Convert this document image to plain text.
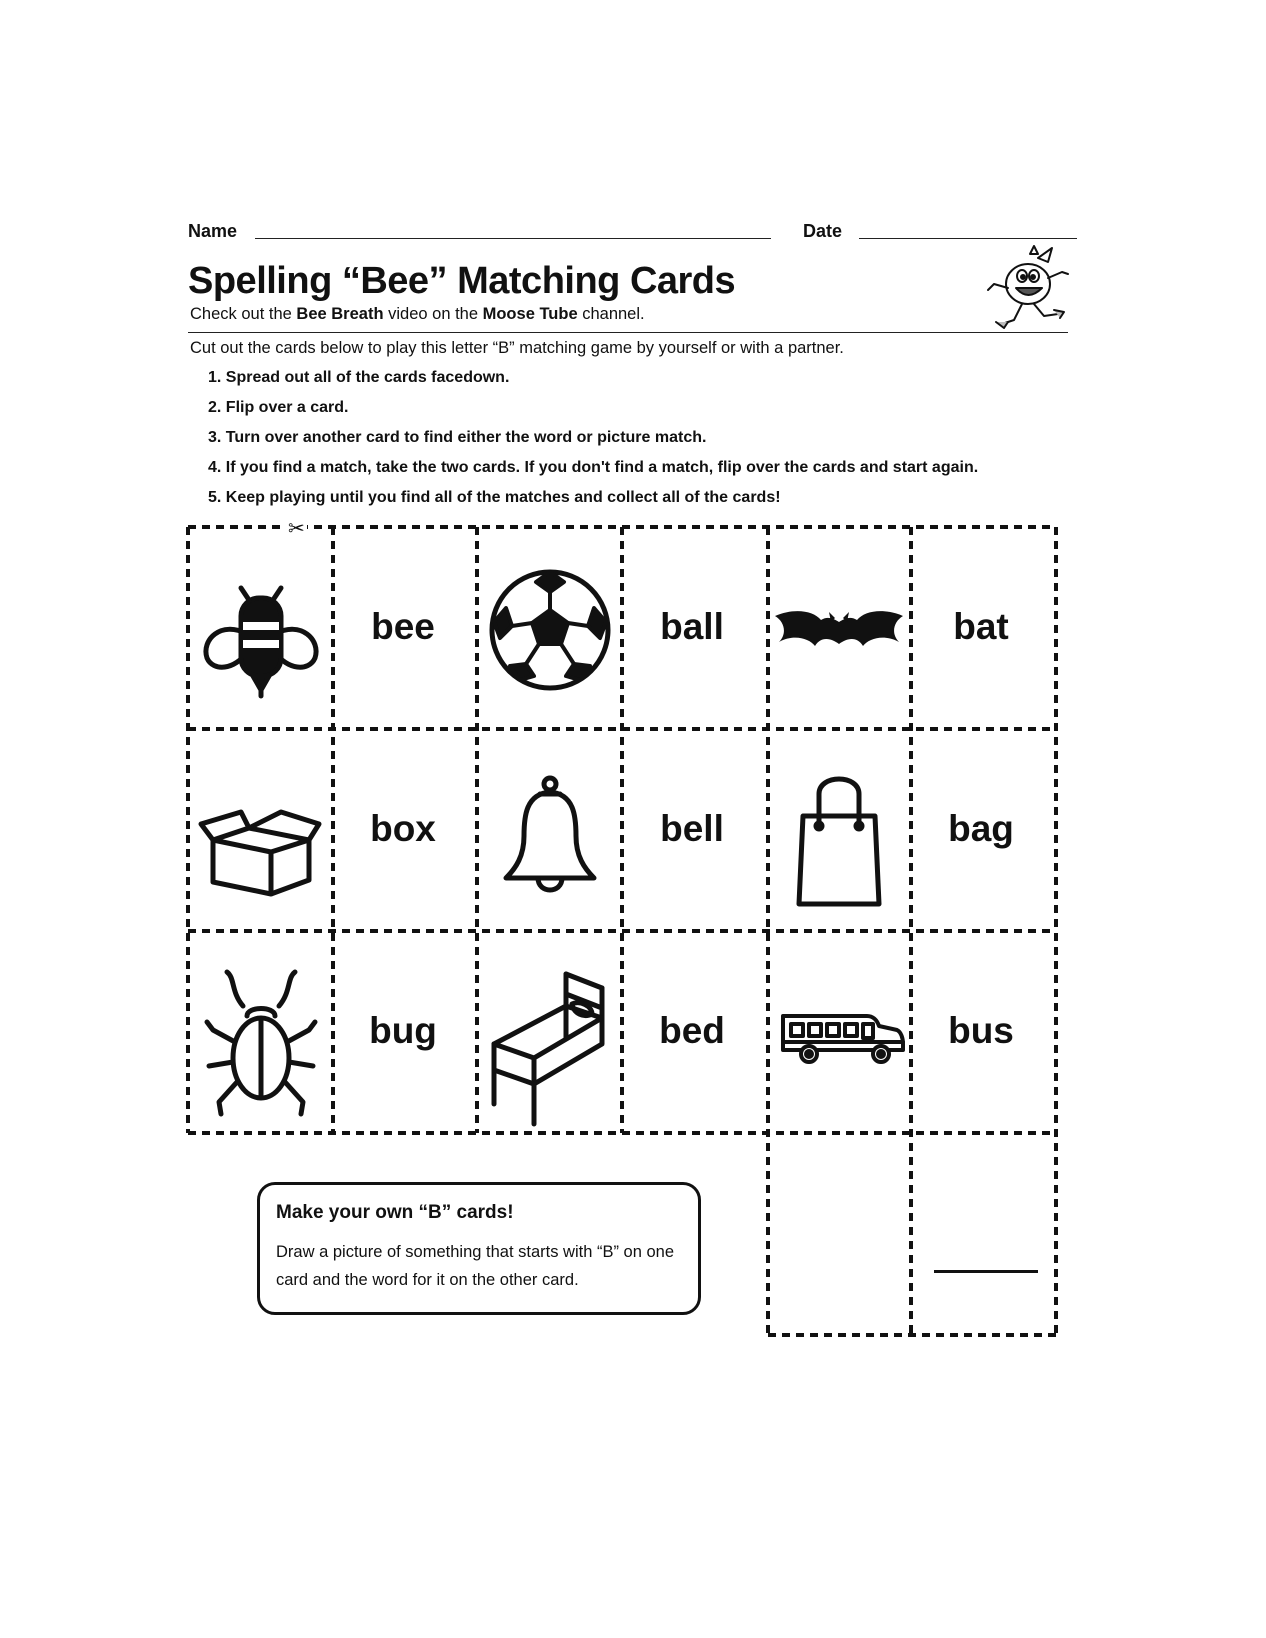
Name	Date
Spelling “Bee” Matching Cards
Check out the Bee Breath video on the Moose Tube channel.
Cut out the cards below to play this letter “B” matching game by yourself or with a partner.
1. Spread out all of the cards facedown.
2. Flip over a card.
3. Turn over another card to find either the word or picture match.
4. If you find a match, take the two cards. If you don't find a match, flip over the cards and start again.
5. Keep playing until you find all of the matches and collect all of the cards!
✂
bee	ball	bat
box	bell	bag
bug	bed	bus
Make your own “B” cards!
Draw a picture of something that starts with “B” on one card and the word for it on the other card.
